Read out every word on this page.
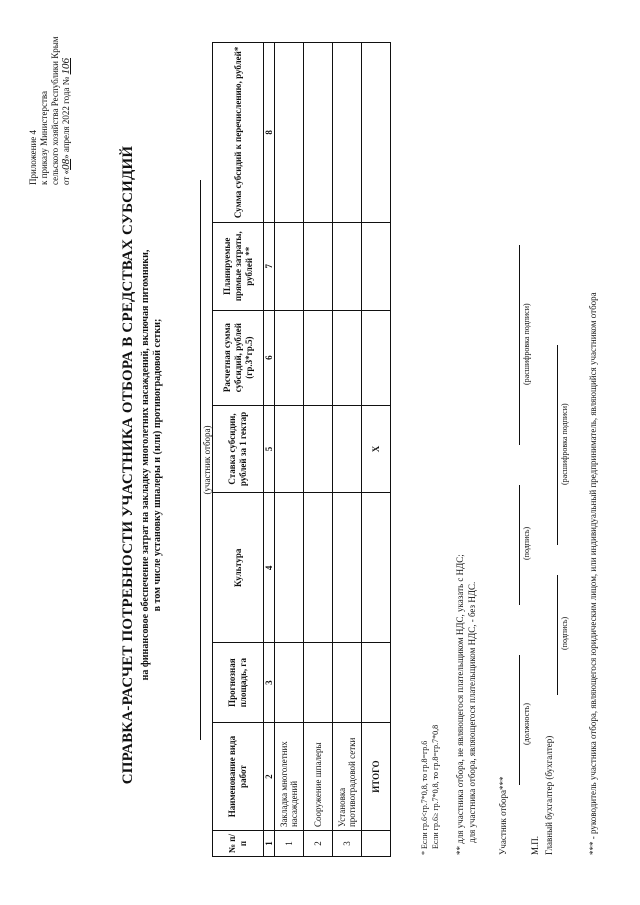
Приложение 4 к приказу Министерства сельского хозяйства Республики Крым от «08» апреля 2022 года № 106
СПРАВКА-РАСЧЕТ ПОТРЕБНОСТИ УЧАСТНИКА ОТБОРА В СРЕДСТВАХ СУБСИДИЙ на финансовое обеспечение затрат на закладку многолетних насаждений, включая питомники, в том числе установку шпалеры и (или) противоградовой сетки;	(участник отбора)
№ п/п	Наименование вида работ	Прогнозная площадь, га	Культура	Ставка субсидии, рублей за 1 гектар	Расчетная сумма субсидий, рублей (гр.3*гр.5)	Планируемые прямые затраты, рублей **	Сумма субсидий к перечислению, рублей*
1	2	3	4	5	6	7	8
1	Закладка многолетних насаждений						
2	Сооружение шпалеры						
3	Установка противоградовой сетки						
	ИТОГО			Х			
* Если гр.6<гр.7*0,8, то гр.8=гр.6 Если гр.6≥ гр.7*0,8, то гр.8=гр.7*0,8 ** для участника отбора, не являющегося плательщиком НДС, указать с НДС; для участника отбора, являющегося плательщиком НДС, - без НДС. Участник отбора***
(должность)
(подпись)
(расшифровка подписи)
М.П. Главный бухгалтер (бухгалтер)
(подпись)
(расшифровка подписи) *** - руководитель участника отбора, являющегося юридическим лицом, или индивидуальный предприниматель, являющийся участником отбора
